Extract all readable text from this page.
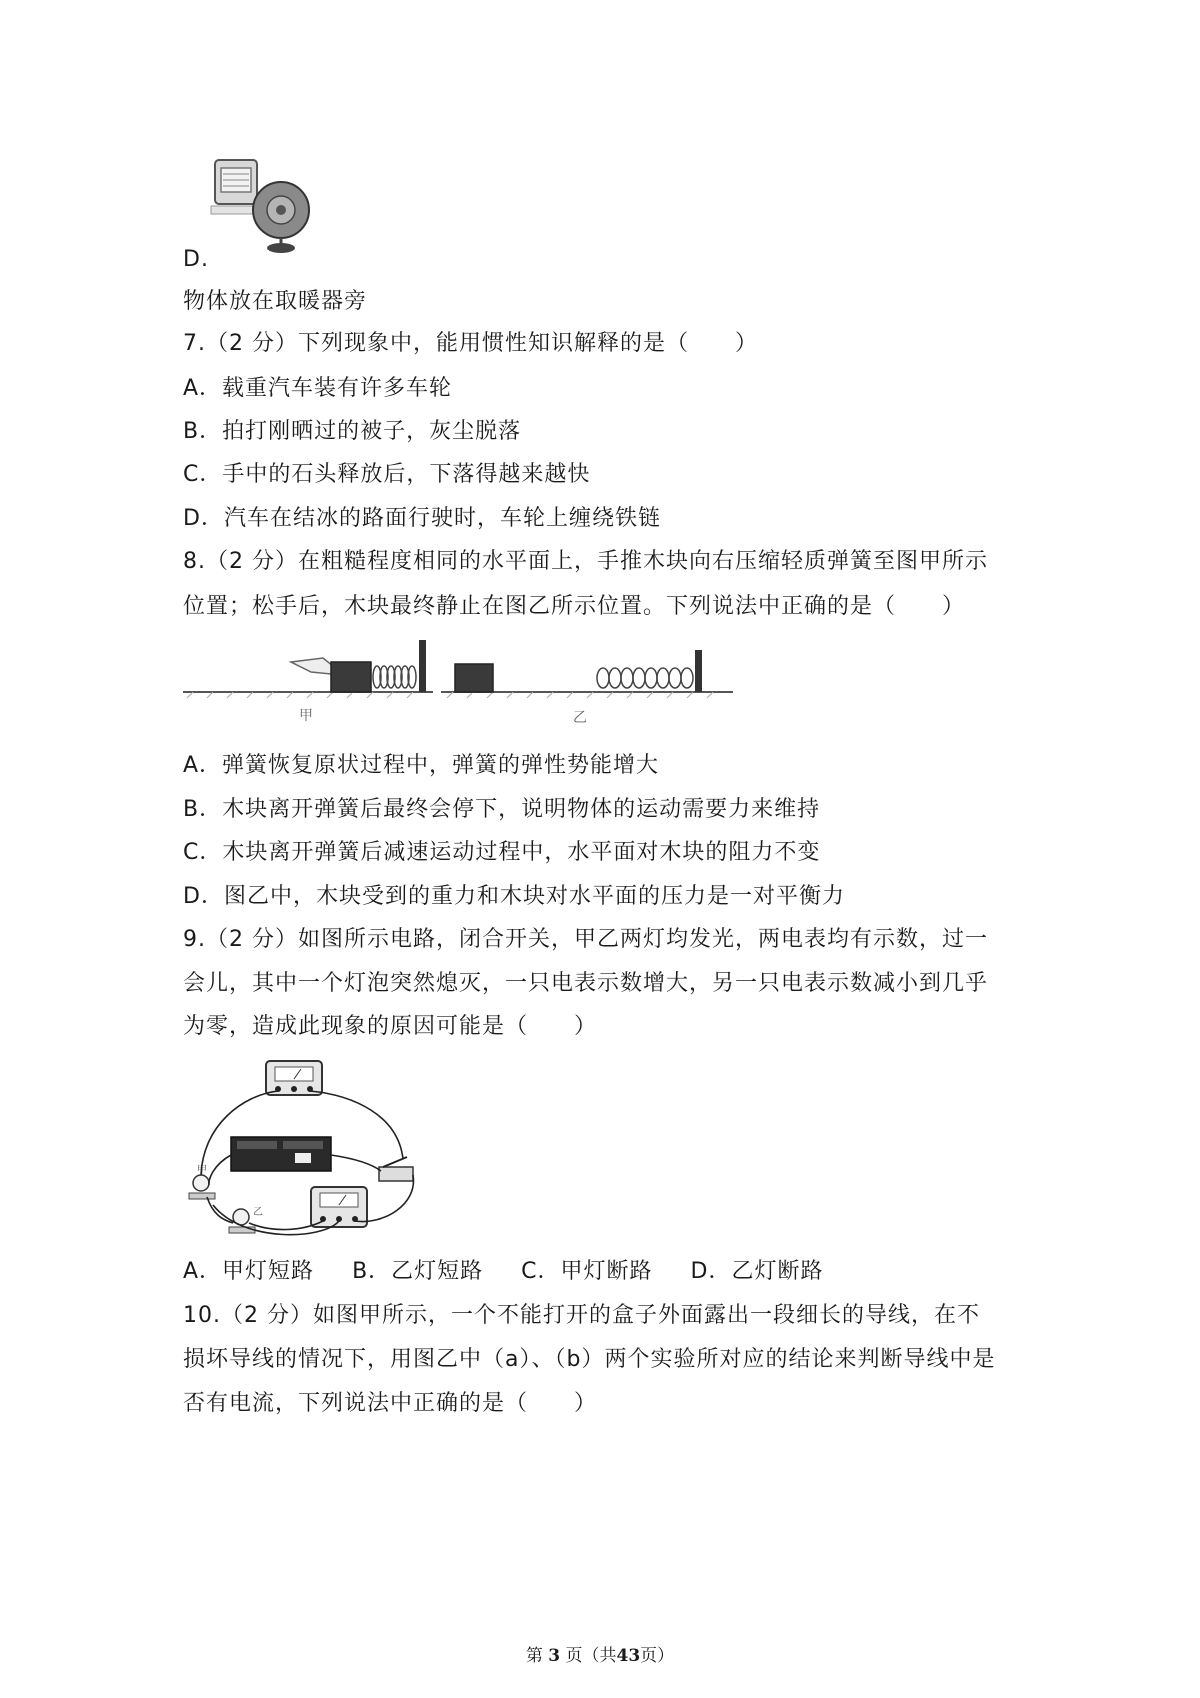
D.
物体放在取暖器旁
7.（2 分）下列现象中，能用惯性知识解释的是（　　）
A．载重汽车装有许多车轮
B．拍打刚晒过的被子，灰尘脱落
C．手中的石头释放后，下落得越来越快
D．汽车在结冰的路面行驶时，车轮上缠绕铁链
8.（2 分）在粗糙程度相同的水平面上，手推木块向右压缩轻质弹簧至图甲所示
位置；松手后，木块最终静止在图乙所示位置。下列说法中正确的是（　　）
甲	乙
A．弹簧恢复原状过程中，弹簧的弹性势能增大
B．木块离开弹簧后最终会停下，说明物体的运动需要力来维持
C．木块离开弹簧后减速运动过程中，水平面对木块的阻力不变
D．图乙中，木块受到的重力和木块对水平面的压力是一对平衡力
9.（2 分）如图所示电路，闭合开关，甲乙两灯均发光，两电表均有示数，过一
会儿，其中一个灯泡突然熄灭，一只电表示数增大，另一只电表示数减小到几乎
为零，造成此现象的原因可能是（　　）
甲
乙
A．甲灯短路 B．乙灯短路 C．甲灯断路 D．乙灯断路
10.（2 分）如图甲所示，一个不能打开的盒子外面露出一段细长的导线，在不
损坏导线的情况下，用图乙中（a）、（b）两个实验所对应的结论来判断导线中是
否有电流，下列说法中正确的是（　　）
第 3 页（共43页）
